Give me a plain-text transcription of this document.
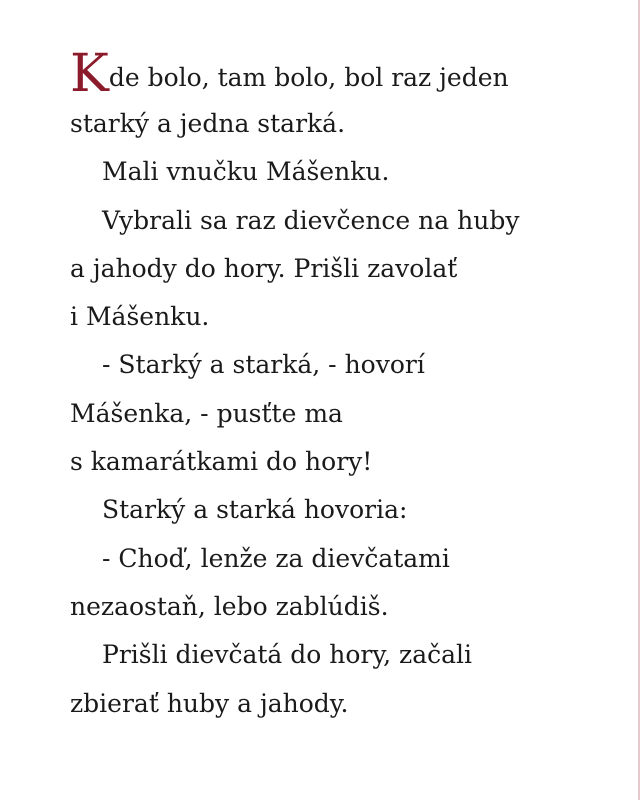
K de bolo, tam bolo, bol raz jeden
starký a jedna starká.
Mali vnučku Mášenku.
Vybrali sa raz dievčence na huby
a jahody do hory. Prišli zavolať
i Mášenku.
- Starký a starká, - hovorí
Mášenka, - pusťte ma
s kamarátkami do hory!
Starký a starká hovoria:
- Choď, lenže za dievčatami
nezaostaň, lebo zablúdiš.
Prišli dievčatá do hory, začali
zbierať huby a jahody.
